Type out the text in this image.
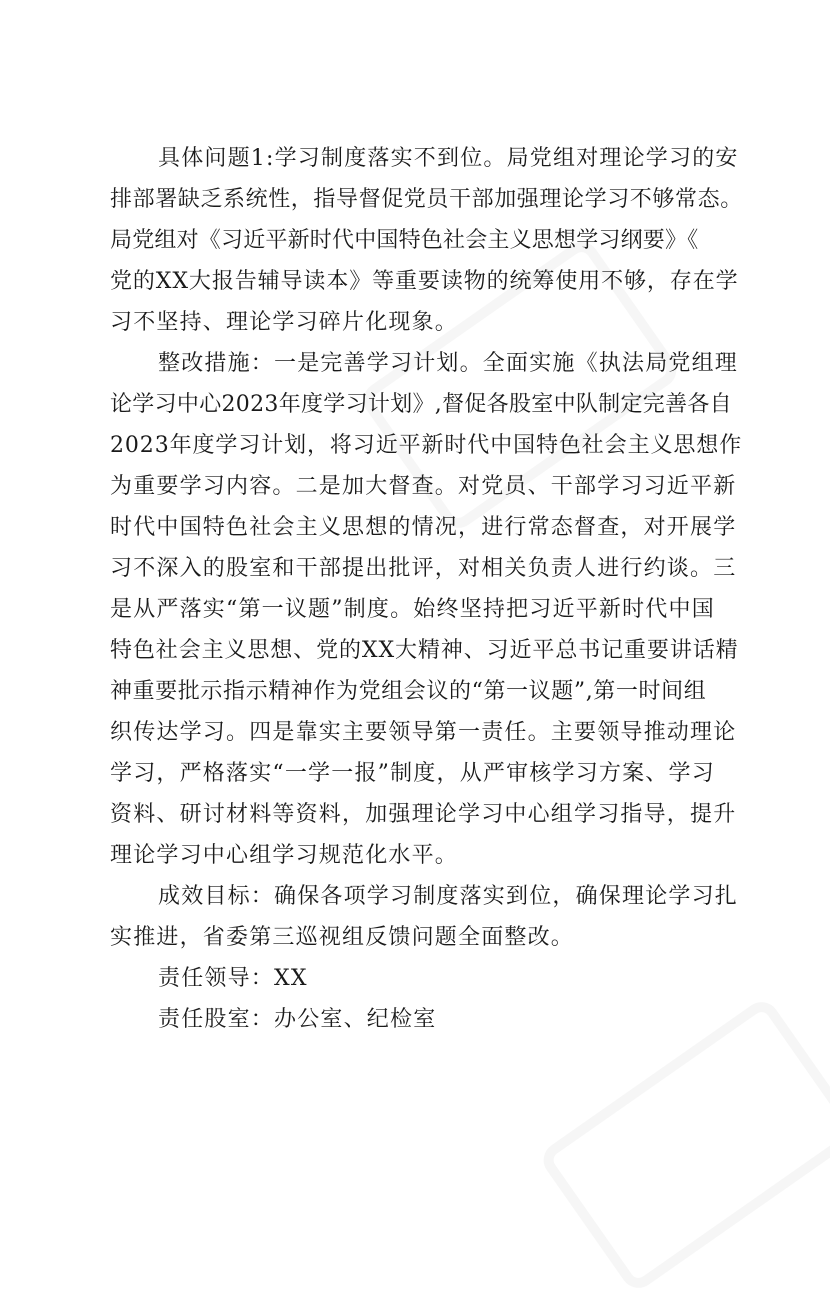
具体问题1:学习制度落实不到位。局党组对理论学习的安
排部署缺乏系统性，指导督促党员干部加强理论学习不够常态。
局党组对《习近平新时代中国特色社会主义思想学习纲要》《
党的XX大报告辅导读本》等重要读物的统筹使用不够，存在学
习不坚持、理论学习碎片化现象。
整改措施：一是完善学习计划。全面实施《执法局党组理
论学习中心2023年度学习计划》,督促各股室中队制定完善各自
2023年度学习计划，将习近平新时代中国特色社会主义思想作
为重要学习内容。二是加大督查。对党员、干部学习习近平新
时代中国特色社会主义思想的情况，进行常态督查，对开展学
习不深入的股室和干部提出批评，对相关负责人进行约谈。三
是从严落实“第一议题”制度。始终坚持把习近平新时代中国
特色社会主义思想、党的XX大精神、习近平总书记重要讲话精
神重要批示指示精神作为党组会议的“第一议题”,第一时间组
织传达学习。四是靠实主要领导第一责任。主要领导推动理论
学习，严格落实“一学一报”制度，从严审核学习方案、学习
资料、研讨材料等资料，加强理论学习中心组学习指导，提升
理论学习中心组学习规范化水平。
成效目标：确保各项学习制度落实到位，确保理论学习扎
实推进，省委第三巡视组反馈问题全面整改。

责任领导：XX

责任股室：办公室、纪检室
